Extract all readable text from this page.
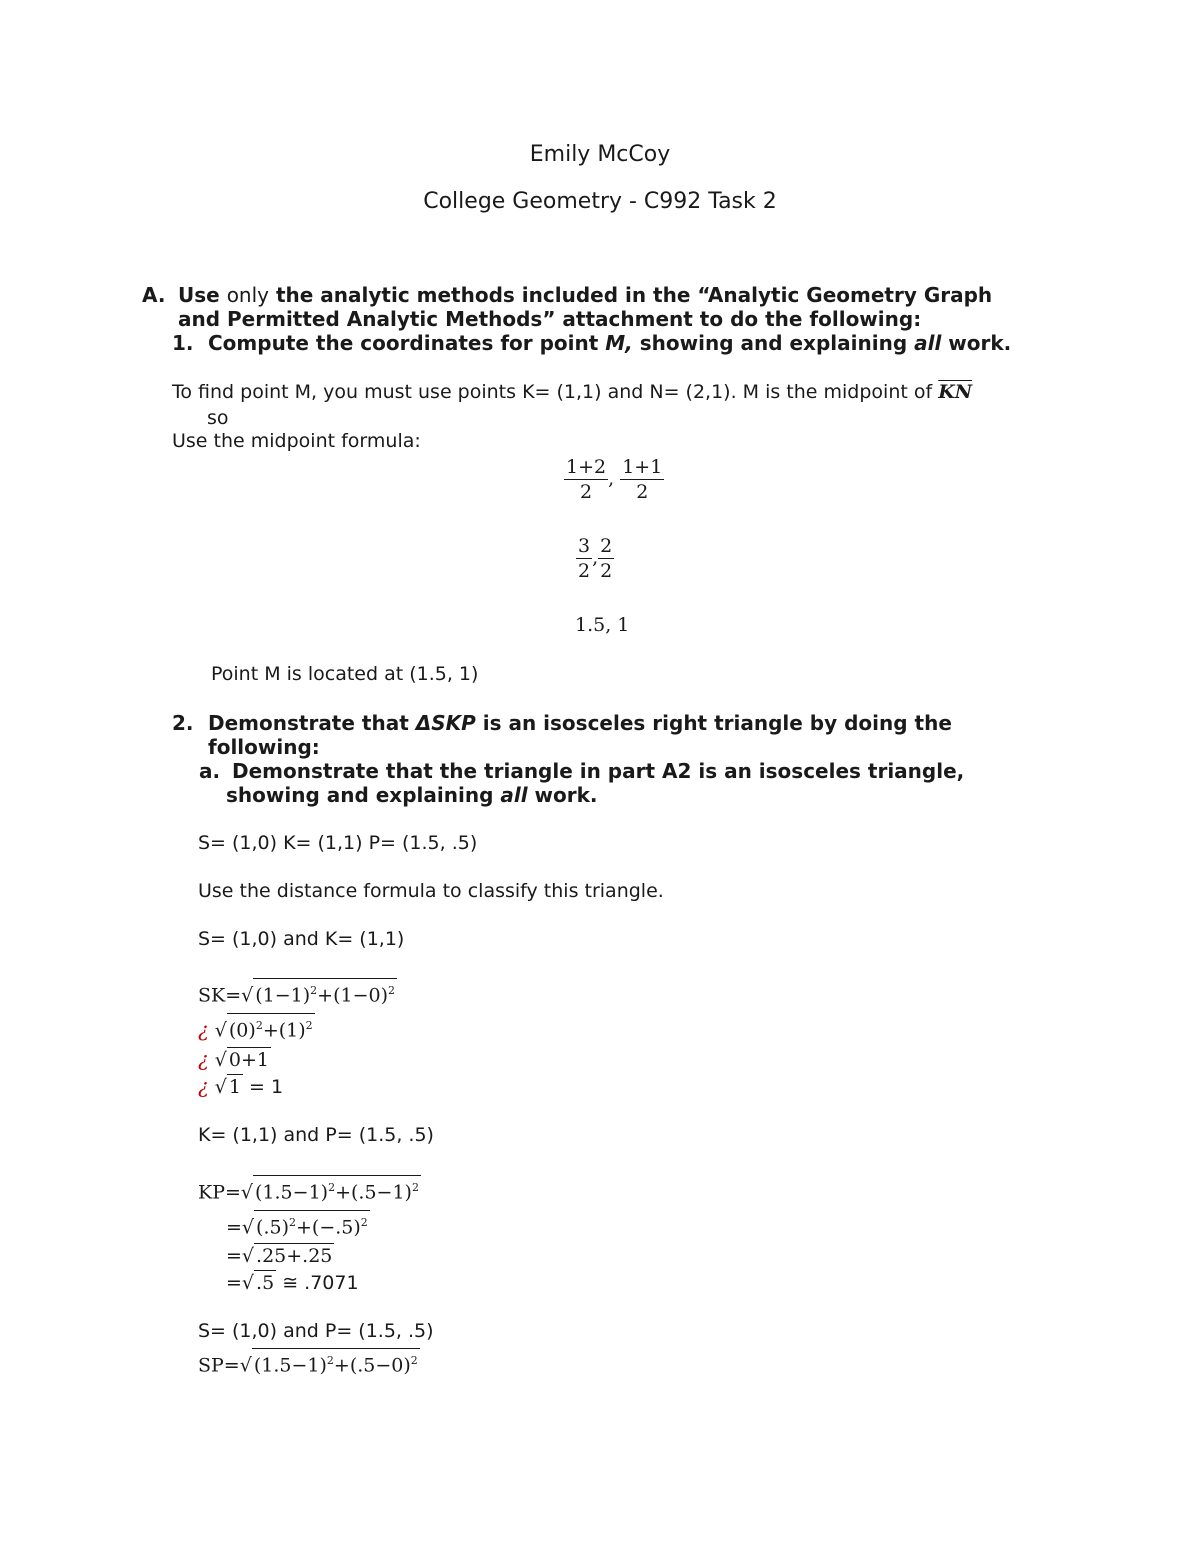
Emily McCoy
College Geometry - C992 Task 2
A. Use only the analytic methods included in the “Analytic Geometry Graph
and Permitted Analytic Methods” attachment to do the following:
1. Compute the coordinates for point M, showing and explaining all work.
To find point M, you must use points K= (1,1) and N= (2,1). M is the midpoint of $\overline{KN}$
so
Use the midpoint formula:
$\frac{1+2}{2}$ , $\frac{1+1}{2}$
$\frac{3}{2}$ , $\frac{2}{2}$
1.5, 1
Point M is located at (1.5, 1)
2. Demonstrate that ΔSKP is an isosceles right triangle by doing the
following:
a. Demonstrate that the triangle in part A2 is an isosceles triangle,
showing and explaining all work.
S= (1,0) K= (1,1) P= (1.5, .5)
Use the distance formula to classify this triangle.
S= (1,0) and K= (1,1)
SK=√ $(1-1)^2+(1-0)^2$
¿ √ $(0)^2+(1)^2$
¿ √ 0+1
¿ √ 1 = 1
K= (1,1) and P= (1.5, .5)
KP=√ $(1.5-1)^2+(.5-1)^2$
=√ $(.5)^2+(-.5)^2$
=√ .25+.25
=√ .5 ≅ .7071
S= (1,0) and P= (1.5, .5)
SP=√ $(1.5-1)^2+(.5-0)^2$
